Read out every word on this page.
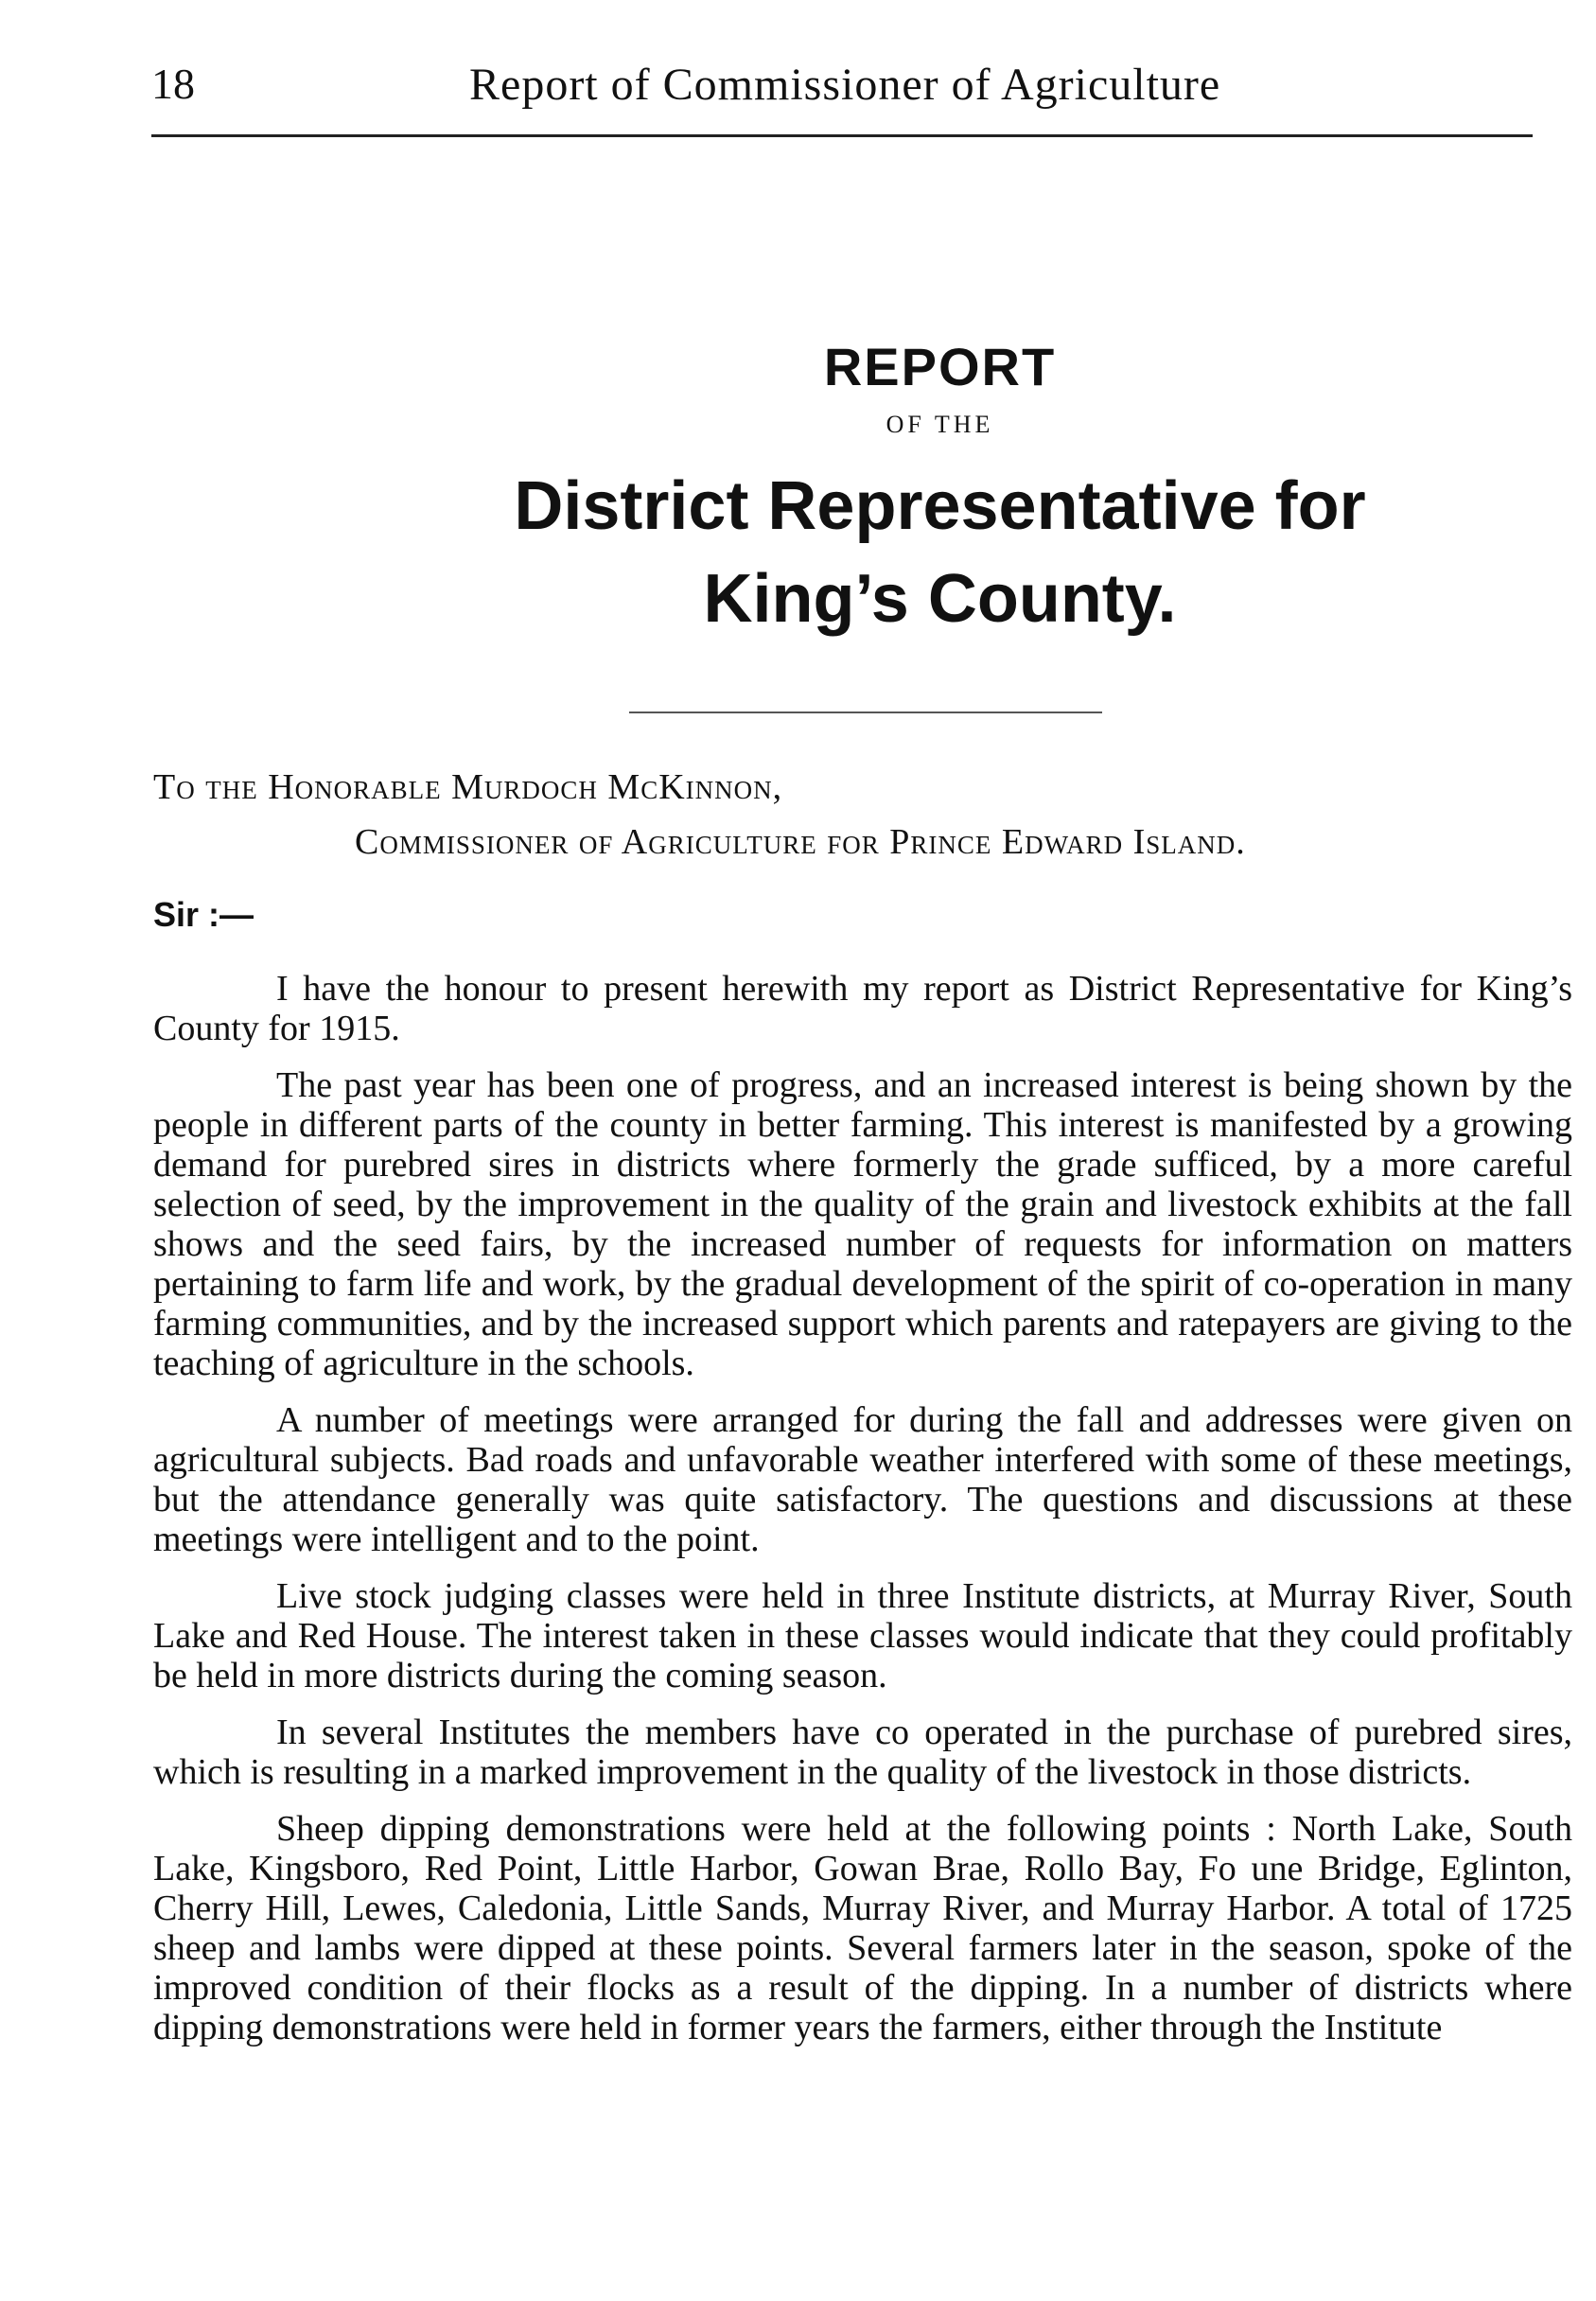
18	Report of Commissioner of Agriculture
REPORT
OF THE
District Representative for
King’s County.
To the Honorable Murdoch McKinnon,
Commissioner of Agriculture for Prince Edward Island.
Sir :—

I have the honour to present herewith my report as District Representative for King’s County for 1915.

The past year has been one of progress, and an increased interest is being shown by the people in different parts of the county in better farming. This interest is manifested by a growing demand for purebred sires in districts where formerly the grade sufficed, by a more careful selection of seed, by the improvement in the quality of the grain and livestock exhibits at the fall shows and the seed fairs, by the increased number of requests for information on matters pertaining to farm life and work, by the gradual development of the spirit of co-operation in many farming communities, and by the increased support which parents and ratepayers are giving to the teaching of agriculture in the schools.

A number of meetings were arranged for during the fall and addresses were given on agricultural subjects. Bad roads and unfavorable weather interfered with some of these meetings, but the attendance generally was quite satisfactory. The questions and discussions at these meetings were intelligent and to the point.

Live stock judging classes were held in three Institute districts, at Murray River, South Lake and Red House. The interest taken in these classes would indicate that they could profitably be held in more districts during the coming season.

In several Institutes the members have co operated in the purchase of purebred sires, which is resulting in a marked improvement in the quality of the livestock in those districts.

Sheep dipping demonstrations were held at the following points : North Lake, South Lake, Kingsboro, Red Point, Little Harbor, Gowan Brae, Rollo Bay, Fo une Bridge, Eglinton, Cherry Hill, Lewes, Caledonia, Little Sands, Murray River, and Murray Harbor. A total of 1725 sheep and lambs were dipped at these points. Several farmers later in the season, spoke of the improved condition of their flocks as a result of the dipping. In a number of districts where dipping demonstrations were held in former years the farmers, either through the Institute
